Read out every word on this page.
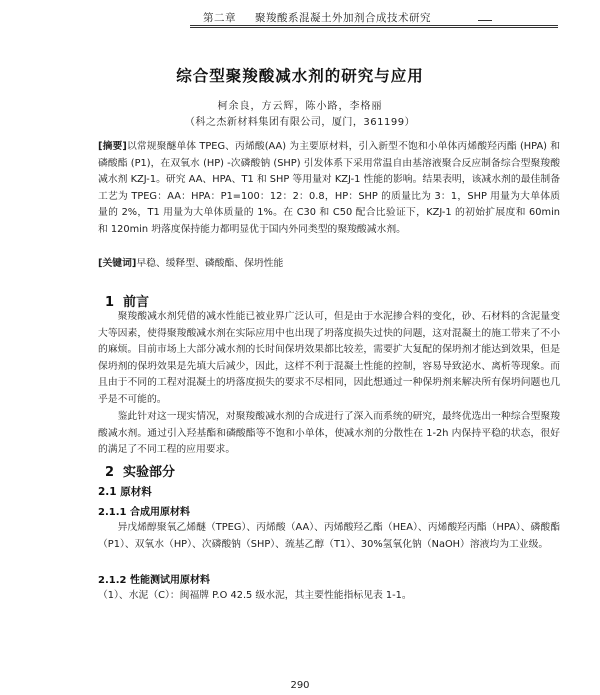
第二章 聚羧酸系混凝土外加剂合成技术研究
综合型聚羧酸减水剂的研究与应用
柯余良，方云辉，陈小路，李格丽
（科之杰新材料集团有限公司，厦门，361199）
[摘要]以常规聚醚单体 TPEG、丙烯酸(AA) 为主要原材料，引入新型不饱和小单体丙烯酸羟丙酯 (HPA) 和磷酸酯 (P1)，在双氧水 (HP) -次磷酸钠 (SHP) 引发体系下采用常温自由基溶液聚合反应制备综合型聚羧酸减水剂 KZJ-1。研究 AA、HPA、T1 和 SHP 等用量对 KZJ-1 性能的影响。结果表明，该减水剂的最佳制备工艺为 TPEG：AA：HPA：P1=100：12：2：0.8，HP：SHP 的质量比为 3：1，SHP 用量为大单体质量的 2%，T1 用量为大单体质量的 1%。在 C30 和 C50 配合比验证下，KZJ-1 的初始扩展度和 60min 和 120min 坍落度保持能力都明显优于国内外同类型的聚羧酸减水剂。
[关键词]早稳、缓释型、磷酸酯、保坍性能
1 前言
聚羧酸减水剂凭借的减水性能已被业界广泛认可，但是由于水泥掺合料的变化，砂、石材料的含泥量变大等因素，使得聚羧酸减水剂在实际应用中也出现了坍落度损失过快的问题，这对混凝土的施工带来了不小的麻烦。目前市场上大部分减水剂的长时间保坍效果都比较差，需要扩大复配的保坍剂才能达到效果，但是保坍剂的保坍效果是先填大后减少，因此，这样不利于混凝土性能的控制，容易导致泌水、离析等现象。而且由于不同的工程对混凝土的坍落度损失的要求不尽相同，因此想通过一种保坍剂来解决所有保坍问题也几乎是不可能的。
鉴此针对这一现实情况，对聚羧酸减水剂的合成进行了深入而系统的研究，最终优选出一种综合型聚羧酸减水剂。通过引入羟基酯和磷酸酯等不饱和小单体，使减水剂的分散性在 1-2h 内保持平稳的状态，很好的满足了不同工程的应用要求。
2 实验部分
2.1 原材料
2.1.1 合成用原材料
异戊烯醇聚氧乙烯醚（TPEG）、丙烯酸（AA）、丙烯酸羟乙酯（HEA）、丙烯酸羟丙酯（HPA）、磷酸酯（P1）、双氧水（HP）、次磷酸钠（SHP）、巯基乙醇（T1）、30%氢氧化钠（NaOH）溶液均为工业级。
2.1.2 性能测试用原材料
（1）、水泥（C）：闽福牌 P.O 42.5 级水泥，其主要性能指标见表 1-1。
290
